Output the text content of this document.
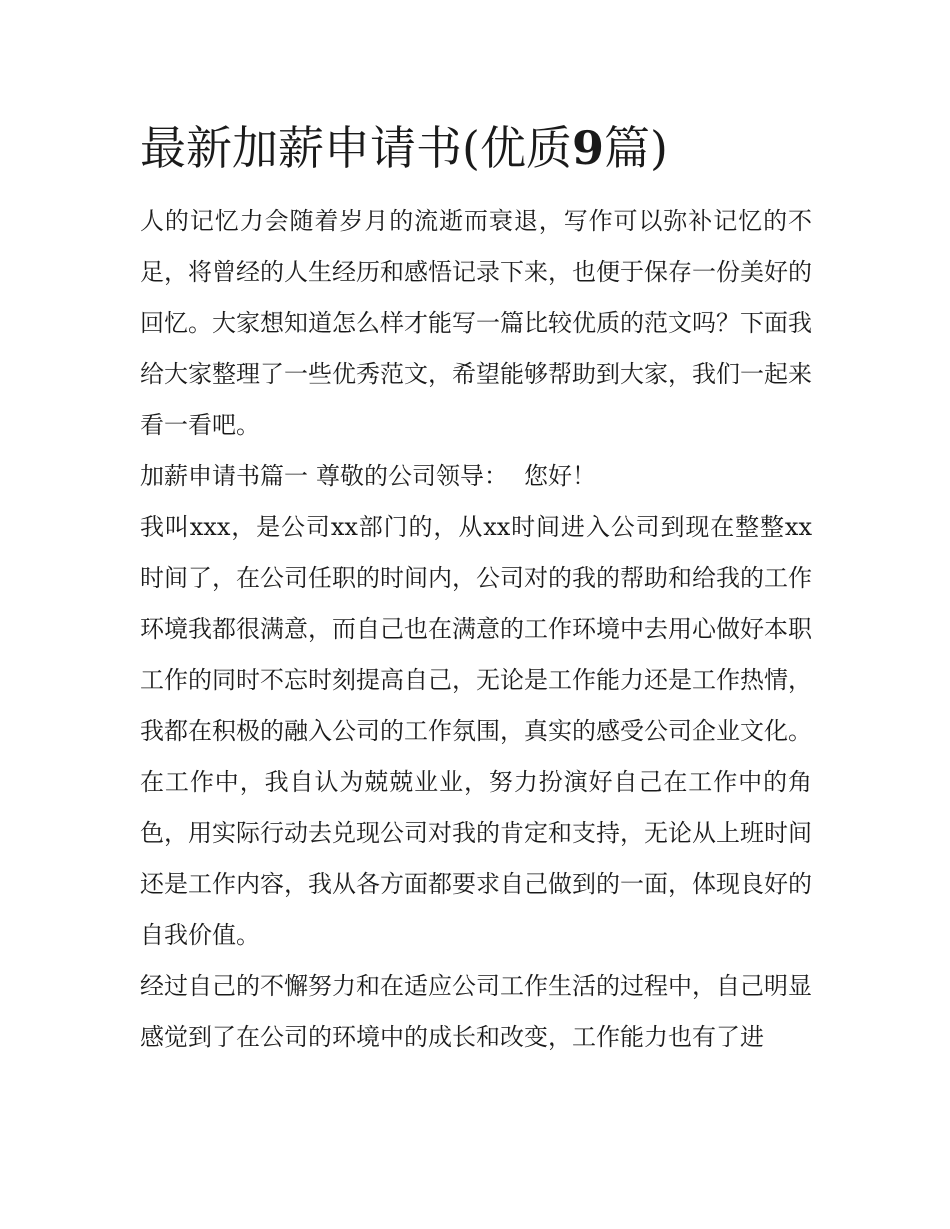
最新加薪申请书(优质9篇)

人的记忆力会随着岁月的流逝而衰退，写作可以弥补记忆的不足，将曾经的人生经历和感悟记录下来，也便于保存一份美好的回忆。大家想知道怎么样才能写一篇比较优质的范文吗？下面我给大家整理了一些优秀范文，希望能够帮助到大家，我们一起来看一看吧。

加薪申请书篇一 尊敬的公司领导： 您好！

我叫xxx，是公司xx部门的，从xx时间进入公司到现在整整xx时间了，在公司任职的时间内，公司对的我的帮助和给我的工作环境我都很满意，而自己也在满意的工作环境中去用心做好本职工作的同时不忘时刻提高自己，无论是工作能力还是工作热情，我都在积极的融入公司的工作氛围，真实的感受公司企业文化。

在工作中，我自认为兢兢业业，努力扮演好自己在工作中的角色，用实际行动去兑现公司对我的肯定和支持，无论从上班时间还是工作内容，我从各方面都要求自己做到的一面，体现良好的自我价值。

经过自己的不懈努力和在适应公司工作生活的过程中，自己明显感觉到了在公司的环境中的成长和改变，工作能力也有了进
